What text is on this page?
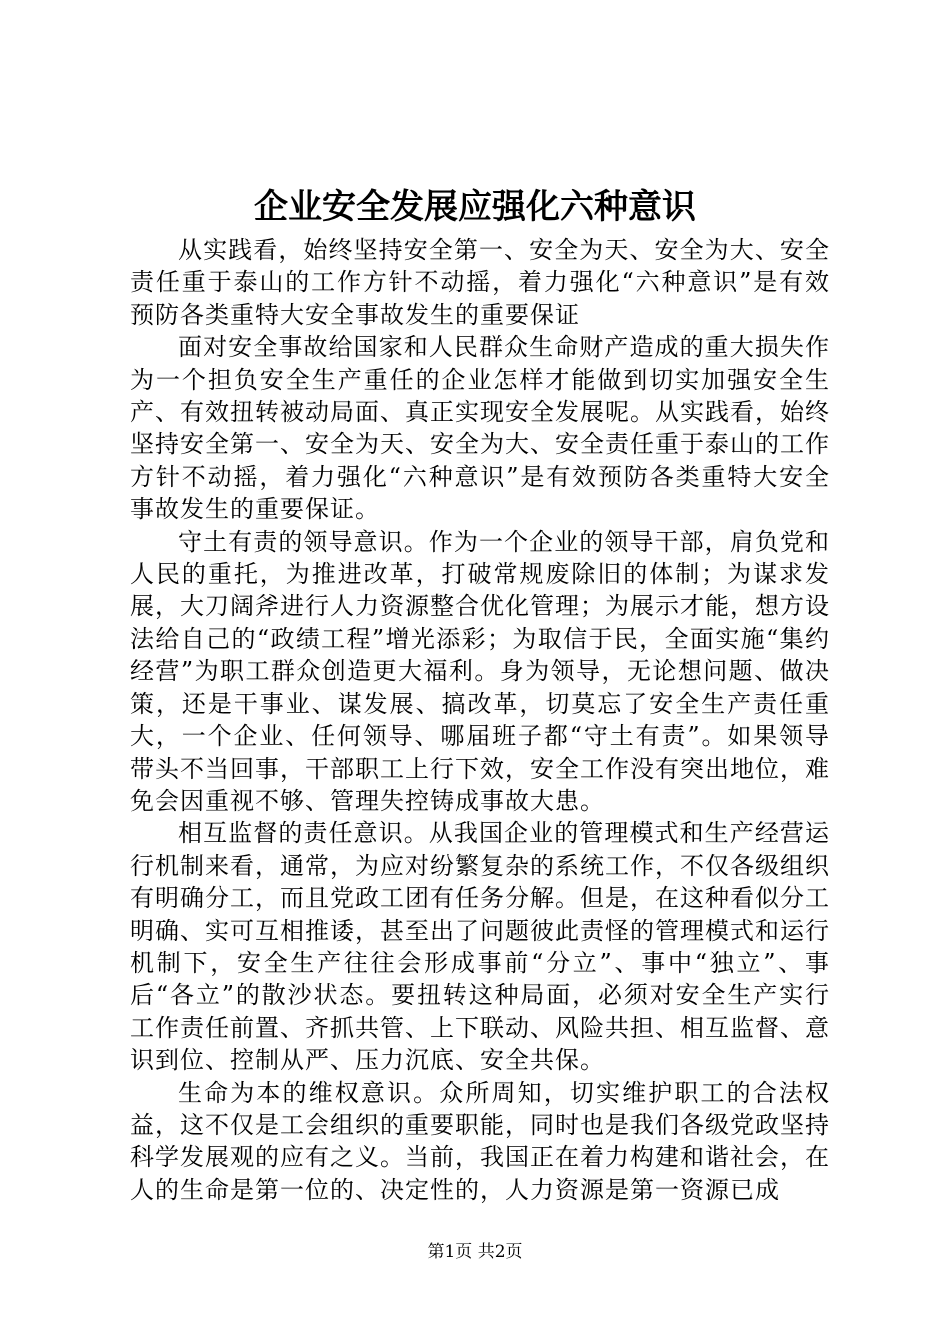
企业安全发展应强化六种意识

从实践看，始终坚持安全第一、安全为天、安全为大、安全责任重于泰山的工作方针不动摇，着力强化“六种意识”是有效预防各类重特大安全事故发生的重要保证

面对安全事故给国家和人民群众生命财产造成的重大损失作为一个担负安全生产重任的企业怎样才能做到切实加强安全生产、有效扭转被动局面、真正实现安全发展呢。从实践看，始终坚持安全第一、安全为天、安全为大、安全责任重于泰山的工作方针不动摇，着力强化“六种意识”是有效预防各类重特大安全事故发生的重要保证。

守土有责的领导意识。作为一个企业的领导干部，肩负党和人民的重托，为推进改革，打破常规废除旧的体制；为谋求发展，大刀阔斧进行人力资源整合优化管理；为展示才能，想方设法给自己的“政绩工程”增光添彩；为取信于民，全面实施“集约经营”为职工群众创造更大福利。身为领导，无论想问题、做决策，还是干事业、谋发展、搞改革，切莫忘了安全生产责任重大，一个企业、任何领导、哪届班子都“守土有责”。如果领导带头不当回事，干部职工上行下效，安全工作没有突出地位，难免会因重视不够、管理失控铸成事故大患。

相互监督的责任意识。从我国企业的管理模式和生产经营运行机制来看，通常，为应对纷繁复杂的系统工作，不仅各级组织有明确分工，而且党政工团有任务分解。但是，在这种看似分工明确、实可互相推诿，甚至出了问题彼此责怪的管理模式和运行机制下，安全生产往往会形成事前“分立”、事中“独立”、事后“各立”的散沙状态。要扭转这种局面，必须对安全生产实行工作责任前置、齐抓共管、上下联动、风险共担、相互监督、意识到位、控制从严、压力沉底、安全共保。

生命为本的维权意识。众所周知，切实维护职工的合法权益，这不仅是工会组织的重要职能，同时也是我们各级党政坚持科学发展观的应有之义。当前，我国正在着力构建和谐社会，在人的生命是第一位的、决定性的，人力资源是第一资源已成

第1页 共2页
